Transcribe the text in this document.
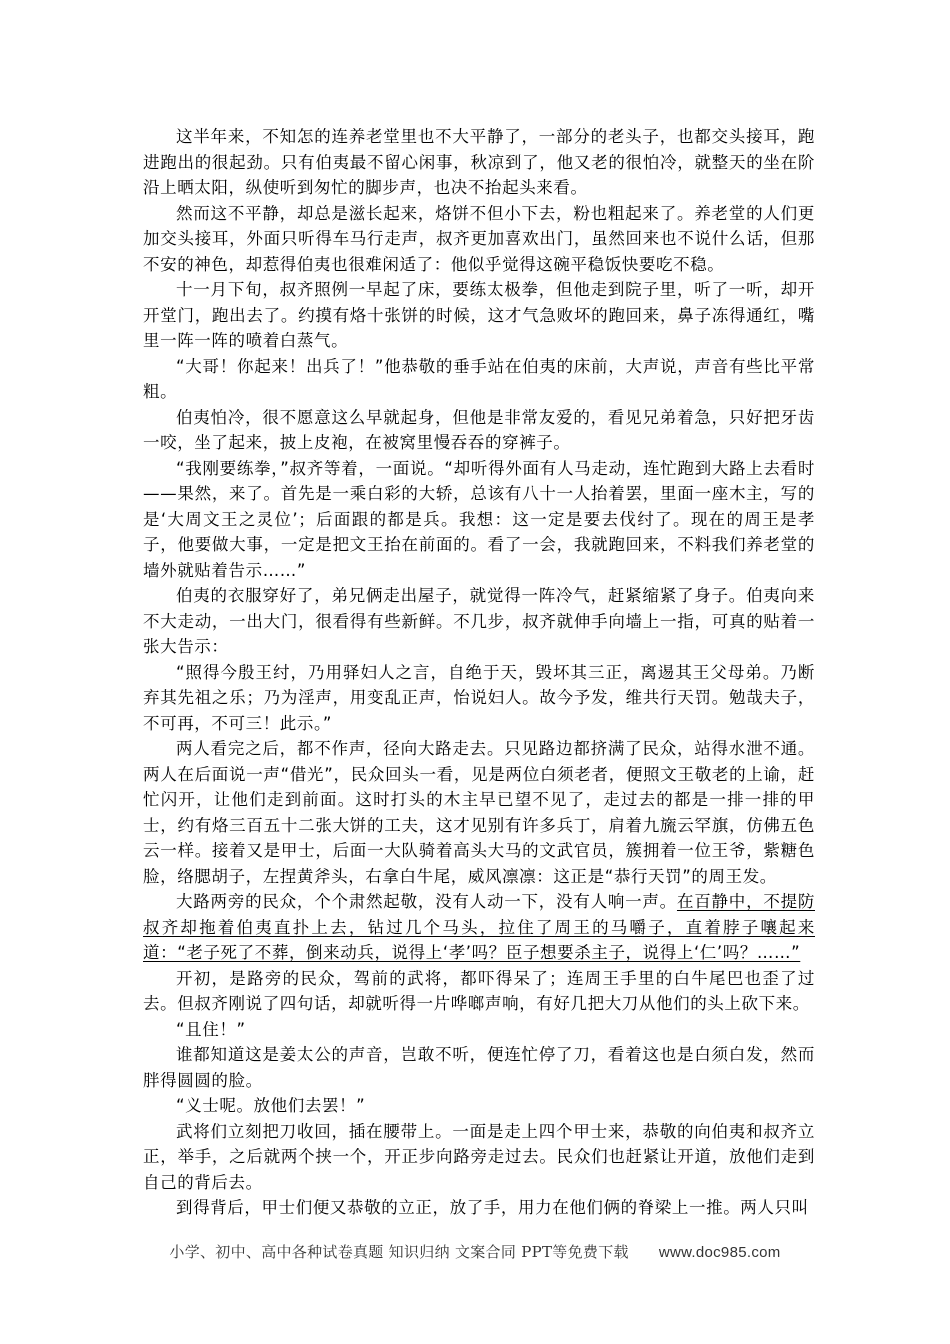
这半年来，不知怎的连养老堂里也不大平静了，一部分的老头子，也都交头接耳，跑进跑出的很起劲。只有伯夷最不留心闲事，秋凉到了，他又老的很怕冷，就整天的坐在阶沿上晒太阳，纵使听到匆忙的脚步声，也决不抬起头来看。

然而这不平静，却总是滋长起来，烙饼不但小下去，粉也粗起来了。养老堂的人们更加交头接耳，外面只听得车马行走声，叔齐更加喜欢出门，虽然回来也不说什么话，但那不安的神色，却惹得伯夷也很难闲适了：他似乎觉得这碗平稳饭快要吃不稳。

十一月下旬，叔齐照例一早起了床，要练太极拳，但他走到院子里，听了一听，却开开堂门，跑出去了。约摸有烙十张饼的时候，这才气急败坏的跑回来，鼻子冻得通红，嘴里一阵一阵的喷着白蒸气。

“大哥！你起来！出兵了！”他恭敬的垂手站在伯夷的床前，大声说，声音有些比平常粗。

伯夷怕冷，很不愿意这么早就起身，但他是非常友爱的，看见兄弟着急，只好把牙齿一咬，坐了起来，披上皮袍，在被窝里慢吞吞的穿裤子。

“我刚要练拳，”叔齐等着，一面说。“却听得外面有人马走动，连忙跑到大路上去看时——果然，来了。首先是一乘白彩的大轿，总该有八十一人抬着罢，里面一座木主，写的是‘大周文王之灵位’；后面跟的都是兵。我想：这一定是要去伐纣了。现在的周王是孝子，他要做大事，一定是把文王抬在前面的。看了一会，我就跑回来，不料我们养老堂的墙外就贴着告示……”

伯夷的衣服穿好了，弟兄俩走出屋子，就觉得一阵冷气，赶紧缩紧了身子。伯夷向来不大走动，一出大门，很看得有些新鲜。不几步，叔齐就伸手向墙上一指，可真的贴着一张大告示：

“照得今殷王纣，乃用驿妇人之言，自绝于天，毁坏其三正，离逷其王父母弟。乃断弃其先祖之乐；乃为淫声，用变乱正声，怡说妇人。故今予发，维共行天罚。勉哉夫子，不可再，不可三！此示。”

两人看完之后，都不作声，径向大路走去。只见路边都挤满了民众，站得水泄不通。两人在后面说一声“借光”，民众回头一看，见是两位白须老者，便照文王敬老的上谕，赶忙闪开，让他们走到前面。这时打头的木主早已望不见了，走过去的都是一排一排的甲士，约有烙三百五十二张大饼的工夫，这才见别有许多兵丁，肩着九旒云罕旗，仿佛五色云一样。接着又是甲士，后面一大队骑着高头大马的文武官员，簇拥着一位王爷，紫糖色脸，络腮胡子，左捏黄斧头，右拿白牛尾，威风凛凛：这正是“恭行天罚”的周王发。

大路两旁的民众，个个肃然起敬，没有人动一下，没有人响一声。在百静中，不提防叔齐却拖着伯夷直扑上去，钻过几个马头，拉住了周王的马嚼子，直着脖子嚷起来道：“老子死了不葬，倒来动兵，说得上‘孝’吗？臣子想要杀主子，说得上‘仁’吗？……”

开初，是路旁的民众，驾前的武将，都吓得呆了；连周王手里的白牛尾巴也歪了过去。但叔齐刚说了四句话，却就听得一片哗啷声响，有好几把大刀从他们的头上砍下来。

“且住！”

谁都知道这是姜太公的声音，岂敢不听，便连忙停了刀，看着这也是白须白发，然而胖得圆圆的脸。

“义士呢。放他们去罢！”

武将们立刻把刀收回，插在腰带上。一面是走上四个甲士来，恭敬的向伯夷和叔齐立正，举手，之后就两个挟一个，开正步向路旁走过去。民众们也赶紧让开道，放他们走到自己的背后去。

到得背后，甲士们便又恭敬的立正，放了手，用力在他们俩的脊梁上一推。两人只叫

小学、初中、高中各种试卷真题 知识归纳 文案合同 PPT等免费下载 www.doc985.com
